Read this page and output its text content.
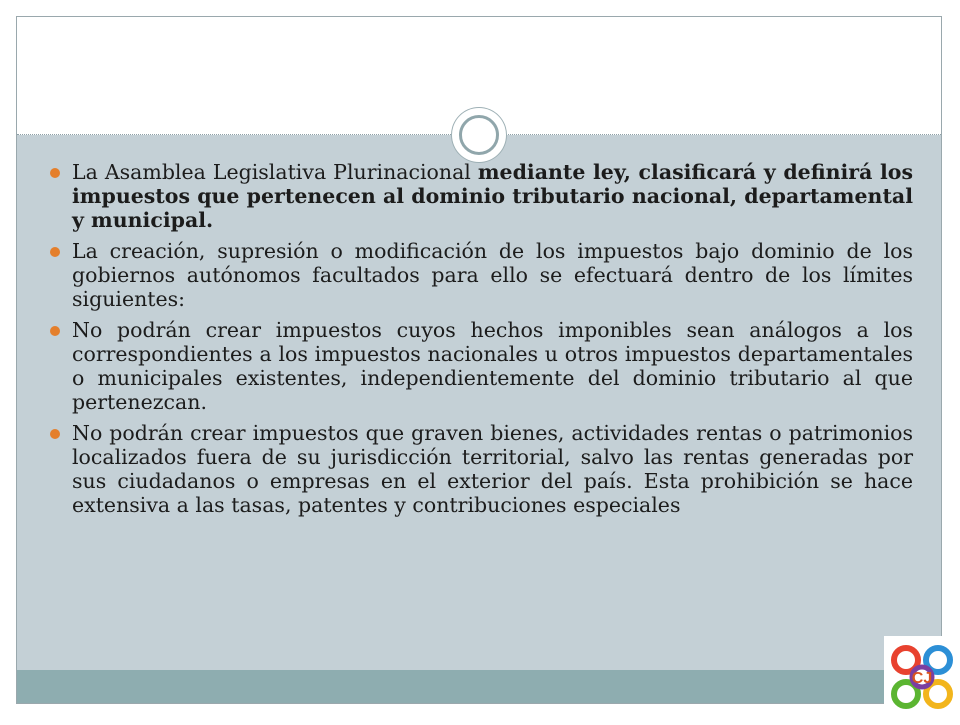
La Asamblea Legislativa Plurinacional mediante ley, clasificará y definirá los impuestos que pertenecen al dominio tributario nacional, departamental y municipal.
La creación, supresión o modificación de los impuestos bajo dominio de los gobiernos autónomos facultados para ello se efectuará dentro de los límites siguientes:
No podrán crear impuestos cuyos hechos imponibles sean análogos a los correspondientes a los impuestos nacionales u otros impuestos departamentales o municipales existentes, independientemente del dominio tributario al que pertenezcan.
No podrán crear impuestos que graven bienes, actividades rentas o patrimonios localizados fuera de su jurisdicción territorial, salvo las rentas generadas por sus ciudadanos o empresas en el exterior del país. Esta prohibición se hace extensiva a las tasas, patentes y contribuciones especiales
CJ
